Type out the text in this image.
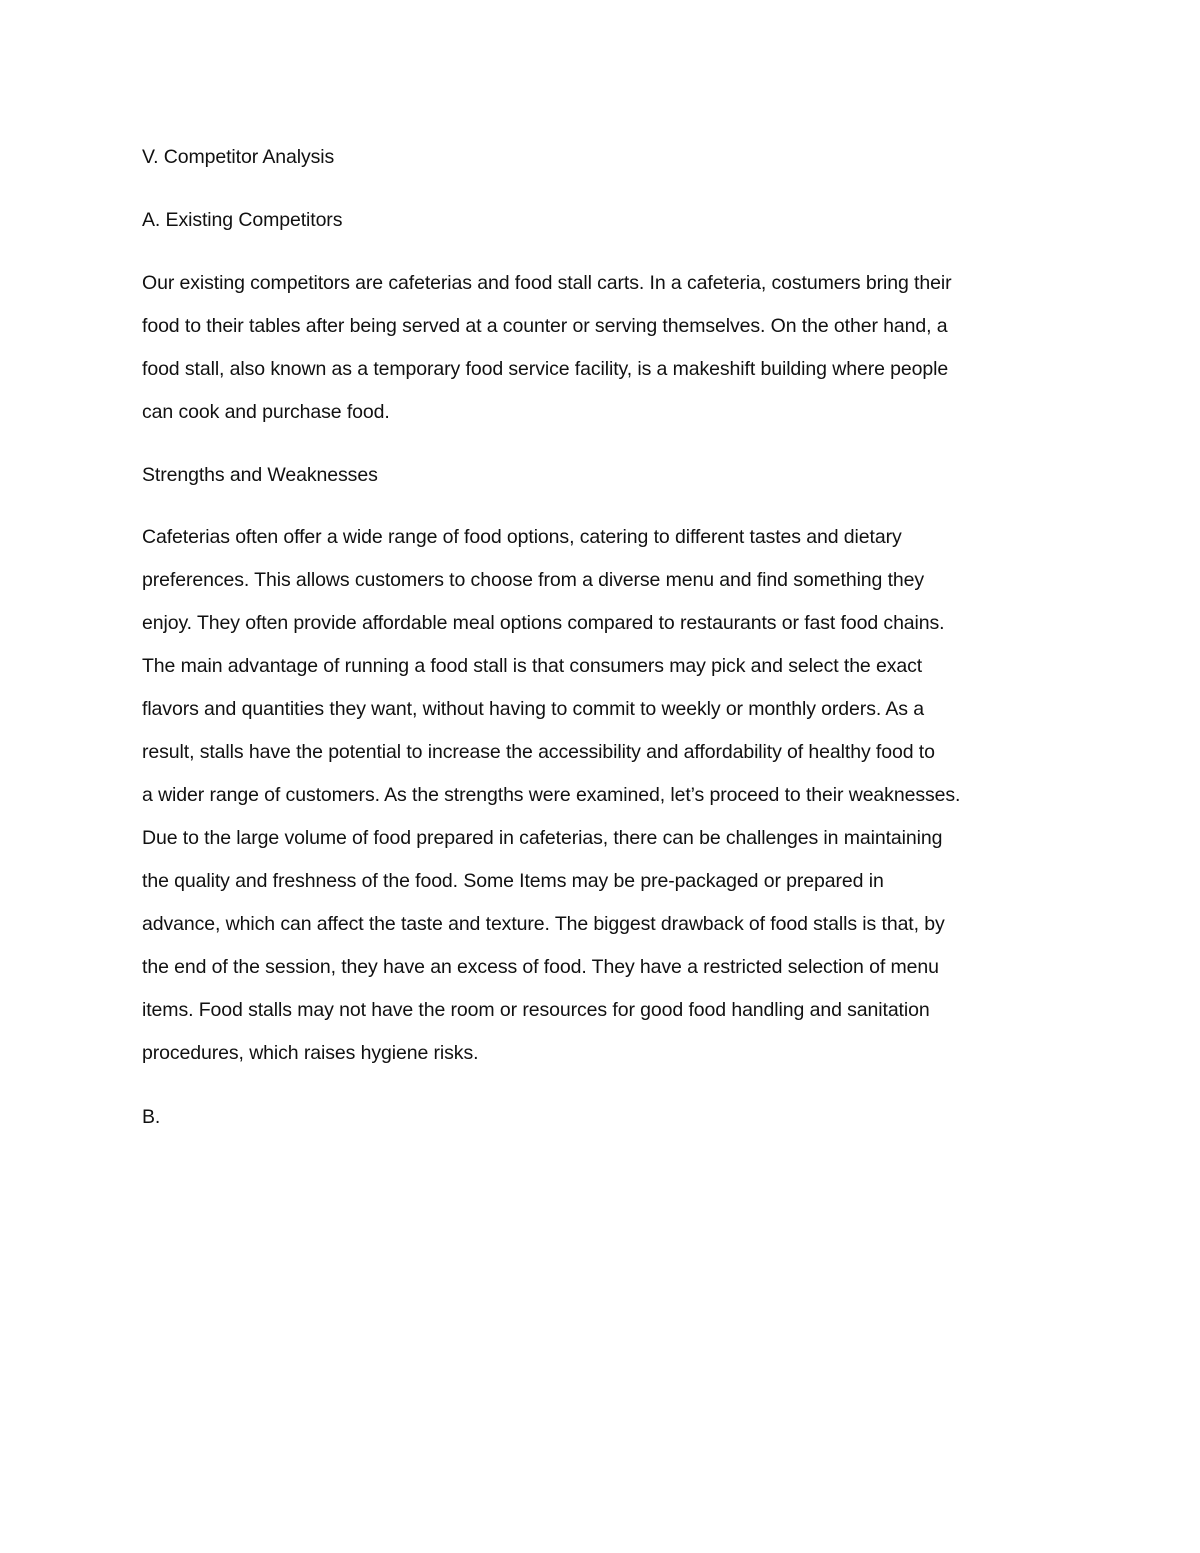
V. Competitor Analysis
A. Existing Competitors
Our existing competitors are cafeterias and food stall carts. In a cafeteria, costumers bring their
food to their tables after being served at a counter or serving themselves. On the other hand, a
food stall, also known as a temporary food service facility, is a makeshift building where people
can cook and purchase food.
Strengths and Weaknesses
Cafeterias often offer a wide range of food options, catering to different tastes and dietary
preferences. This allows customers to choose from a diverse menu and find something they
enjoy. They often provide affordable meal options compared to restaurants or fast food chains.
The main advantage of running a food stall is that consumers may pick and select the exact
flavors and quantities they want, without having to commit to weekly or monthly orders. As a
result, stalls have the potential to increase the accessibility and affordability of healthy food to
a wider range of customers. As the strengths were examined, let’s proceed to their weaknesses.
Due to the large volume of food prepared in cafeterias, there can be challenges in maintaining
the quality and freshness of the food. Some Items may be pre-packaged or prepared in
advance, which can affect the taste and texture. The biggest drawback of food stalls is that, by
the end of the session, they have an excess of food. They have a restricted selection of menu
items. Food stalls may not have the room or resources for good food handling and sanitation
procedures, which raises hygiene risks.
B.
